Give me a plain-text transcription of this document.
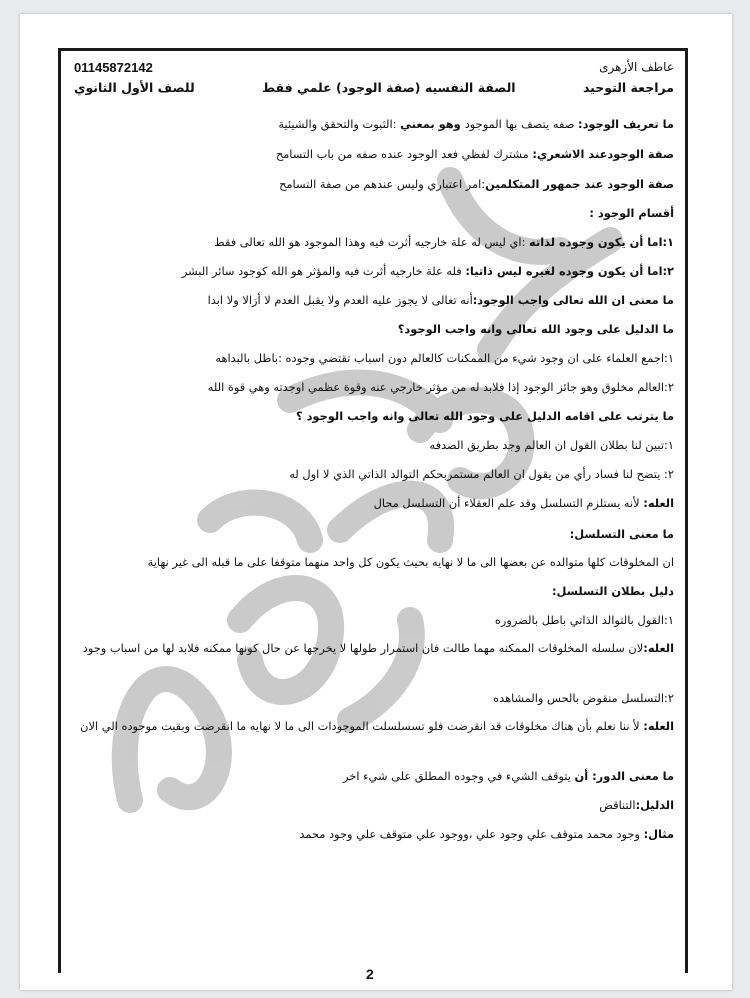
عاطف الأزهرى
01145872142
مراجعة التوحيد
الصفة النفسيه (صفة الوجود) علمي فقط
للصف الأول الثانوي
ما تعريف الوجود: صفه يتصف بها الموجود وهو بمعني :الثبوت والتحقق والشيئية
صفة الوجودعند الاشعري: مشترك لفظي فعد الوجود عنده صفه من باب التسامح
صفة الوجود عند جمهور المتكلمين:امر اعتباري وليس عندهم من صفة التسامح
أقسام الوجود :
١:اما أن يكون وجوده لذاته :اي ليس له علة خارجيه أثرت فيه وهذا الموجود هو الله تعالى فقط
٢:اما أن يكون وجوده لغيره ليس ذاتيا: فله علة خارجيه أثرت فيه والمؤثر هو الله كوجود سائر البشر
ما معنى ان الله تعالى واجب الوجود:أنه تعالى لا يجوز عليه العدم ولا يقبل العدم لا أزالا ولا ابدا
ما الدليل على وجود الله تعالى وانه واجب الوجود؟
١:اجمع العلماء على ان وجود شيء من الممكنات كالعالم دون اسباب تقتضي وجوده :باطل بالبداهه
٢:العالم مخلوق وهو جائز الوجود إذا فلابد له من مؤثر خارجي عنه وقوة عظمي اوجدته وهي قوة الله
ما يترتب على اقامه الدليل على وجود الله تعالى وانه واجب الوجود ؟
١:تبين لنا بطلان القول ان العالم وجد بطريق الصدفه
٢: يتضح لنا فساد رأي من يقول ان العالم مستمربحكم التوالد الذاتي الذي لا اول له
العله: لأنه يستلزم التسلسل وقد علم العقلاء أن التسلسل محال
ما معنى التسلسل:
ان المخلوقات كلها متوالده عن بعضها الى ما لا نهايه بحيث يكون كل واحد منهما متوقفا على ما قبله الى غير نهاية
دليل بطلان التسلسل:
١:القول بالتوالد الذاتي باطل بالضروره
العله:لان سلسله المخلوقات الممكنه مهما طالت فان استمرار طولها لا يخرجها عن حال كونها ممكنه فلابد لها من اسباب وجود
٢:التسلسل منقوض بالحس والمشاهده
العله: لأ ننا نعلم بأن هناك مخلوقات قد انقرضت فلو تسسلسلت الموجودات الى ما لا نهايه ما انقرضت وبقيت موجوده الي الان
ما معنى الدور: أن يتوقف الشيء في وجوده المطلق على شيء اخر
الدليل:التناقض
مثال: وجود محمد متوقف علي وجود علي ،ووجود علي متوقف علي وجود محمد
2
